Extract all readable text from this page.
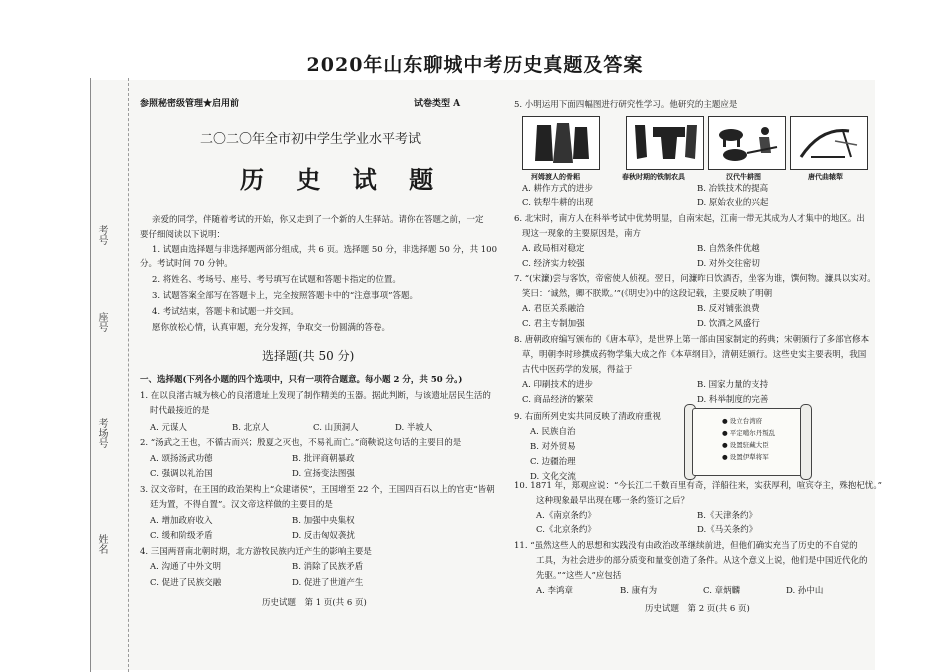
2020年山东聊城中考历史真题及答案
考号
座号
考场号
姓名
参照秘密级管理★启用前	试卷类型 A
二〇二〇年全市初中学生学业水平考试
历 史 试 题
亲爱的同学，伴随着考试的开始，你又走到了一个新的人生驿站。请你在答题之前，一定
要仔细阅读以下说明：
1. 试题由选择题与非选择题两部分组成，共 6 页。选择题 50 分，非选择题 50 分，共 100
分。考试时间 70 分钟。
2. 将姓名、考场号、座号、考号填写在试题和答题卡指定的位置。
3. 试题答案全部写在答题卡上，完全按照答题卡中的“注意事项”答题。
4. 考试结束，答题卡和试题一并交回。
愿你放松心情，认真审题，充分发挥，争取交一份圆满的答卷。
选择题(共 50 分)
一、选择题(下列各小题的四个选项中，只有一项符合题意。每小题 2 分，共 50 分。)
1. 在以良渚古城为核心的良渚遗址上发现了制作精美的玉器。据此判断，与该遗址居民生活的
时代最接近的是
A. 元谋人	B. 北京人	C. 山顶洞人	D. 半坡人
2. “汤武之王也，不循古而兴；殷夏之灭也，不易礼而亡。”商鞅说这句话的主要目的是
A. 颂扬汤武功德	B. 批评商朝暴政
C. 强调以礼治国	D. 宣扬变法图强
3. 汉文帝时，在王国的政治架构上“众建诸侯”，王国增至 22 个，王国四百石以上的官吏“皆朝
廷为置，不得自置”。汉文帝这样做的主要目的是
A. 增加政府收入	B. 加强中央集权
C. 缓和阶级矛盾	D. 反击匈奴袭扰
4. 三国两晋南北朝时期，北方游牧民族内迁产生的影响主要是
A. 沟通了中外文明	B. 消除了民族矛盾
C. 促进了民族交融	D. 促进了世道产生
历史试题　第 1 页(共 6 页)
5. 小明运用下面四幅图进行研究性学习。他研究的主题应是
河姆渡人的骨耜	春秋时期的铁制农具	汉代牛耕图	唐代曲辕犁
A. 耕作方式的进步	B. 冶铁技术的提高
C. 铁犁牛耕的出现	D. 原始农业的兴起
6. 北宋时，南方人在科举考试中优势明显，自南宋起，江南一带无其成为人才集中的地区。出
现这一现象的主要原因是，南方
A. 政局相对稳定	B. 自然条件优越
C. 经济实力较强	D. 对外交往密切
7. “(宋濂)尝与客饮，帝密使人侦视。翌日，问濂昨日饮酒否，坐客为谁，馔何物。濂具以实对。
笑曰：‘诚然，卿不朕欺。’”(《明史》)中的这段记载，主要反映了明朝
A. 君臣关系融洽	B. 反对铺张浪费
C. 君主专制加强	D. 饮酒之风盛行
8. 唐朝政府编写颁布的《唐本草》，是世界上第一部由国家制定的药典；宋朝颁行了多部官修本
草，明朝李时珍撰成药物学集大成之作《本草纲目》，清朝廷颁行。这些史实主要表明，我国
古代中医药学的发展，得益于
A. 印刷技术的进步	B. 国家力量的支持
C. 商品经济的繁荣	D. 科举制度的完善
9. 右面所列史实共同反映了清政府重视
A. 民族自治
B. 对外贸易
C. 边疆治理
D. 文化交流
● 设立台湾府
● 平定噶尔丹叛乱
● 设置驻藏大臣
● 设置伊犁将军
10. 1871 年，郑观应说：“今长江二千数百里有奇，洋船往来，实获厚利，喧宾夺主，殊抱杞忧。”
这种现象最早出现在哪一条约签订之后？
A.《南京条约》	B.《天津条约》
C.《北京条约》	D.《马关条约》
11. “虽然这些人的思想和实践没有由政治改革继续前进，但他们确实充当了历史的不自觉的
工具，为社会进步的部分质变和量变创造了条件。从这个意义上说，他们是中国近代化的
先驱。”“这些人”应包括
A. 李鸿章	B. 康有为	C. 章炳麟	D. 孙中山
历史试题　第 2 页(共 6 页)
